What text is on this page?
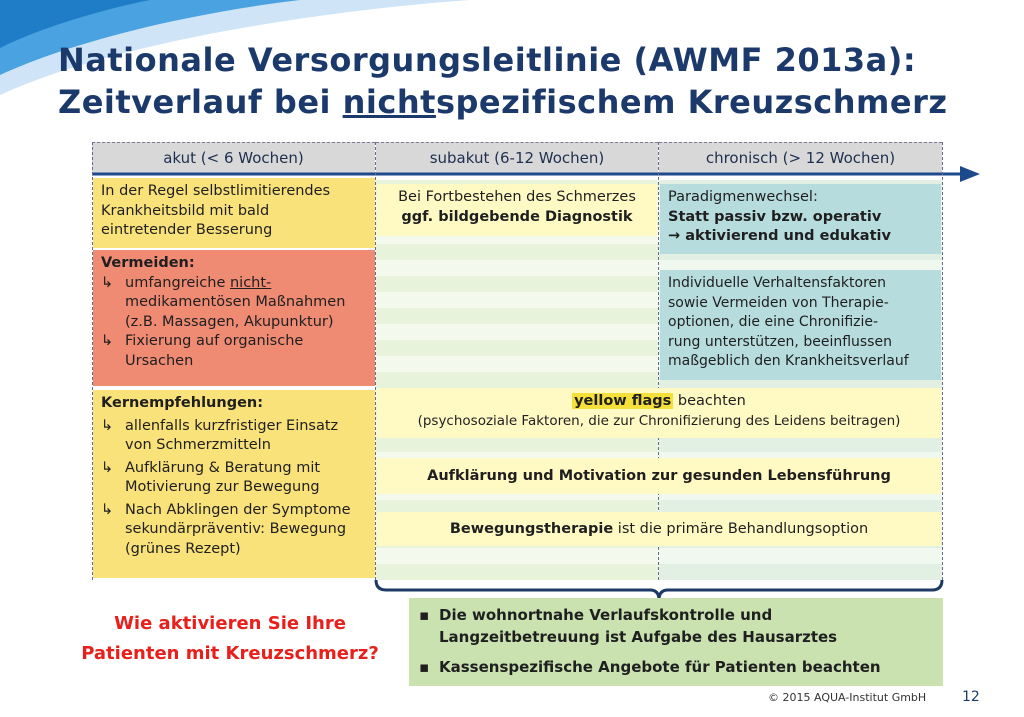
Nationale Versorgungsleitlinie (AWMF 2013a):
Zeitverlauf bei nichtspezifischem Kreuzschmerz
akut (< 6 Wochen)	subakut (6-12 Wochen)	chronisch (> 12 Wochen)
In der Regel selbstlimitierendes
Krankheitsbild mit bald
eintretender Besserung
Vermeiden:
↳ umfangreiche nicht-
medikamentösen Maßnahmen
(z.B. Massagen, Akupunktur)
↳ Fixierung auf organische
Ursachen
Kernempfehlungen:
↳ allenfalls kurzfristiger Einsatz
von Schmerzmitteln
↳ Aufklärung & Beratung mit
Motivierung zur Bewegung
↳ Nach Abklingen der Symptome
sekundärpräventiv: Bewegung
(grünes Rezept)
Bei Fortbestehen des Schmerzes
ggf. bildgebende Diagnostik
Paradigmenwechsel:
Statt passiv bzw. operativ
→ aktivierend und edukativ
Individuelle Verhaltensfaktoren
sowie Vermeiden von Therapie-
optionen, die eine Chronifizie-
rung unterstützen, beeinflussen
maßgeblich den Krankheitsverlauf
yellow flags beachten
(psychosoziale Faktoren, die zur Chronifizierung des Leidens beitragen)
Aufklärung und Motivation zur gesunden Lebensführung
Bewegungstherapie ist die primäre Behandlungsoption
Wie aktivieren Sie Ihre
Patienten mit Kreuzschmerz?
▪ Die wohnortnahe Verlaufskontrolle und
Langzeitbetreuung ist Aufgabe des Hausarztes
▪ Kassenspezifische Angebote für Patienten beachten
© 2015 AQUA-Institut GmbH	12
